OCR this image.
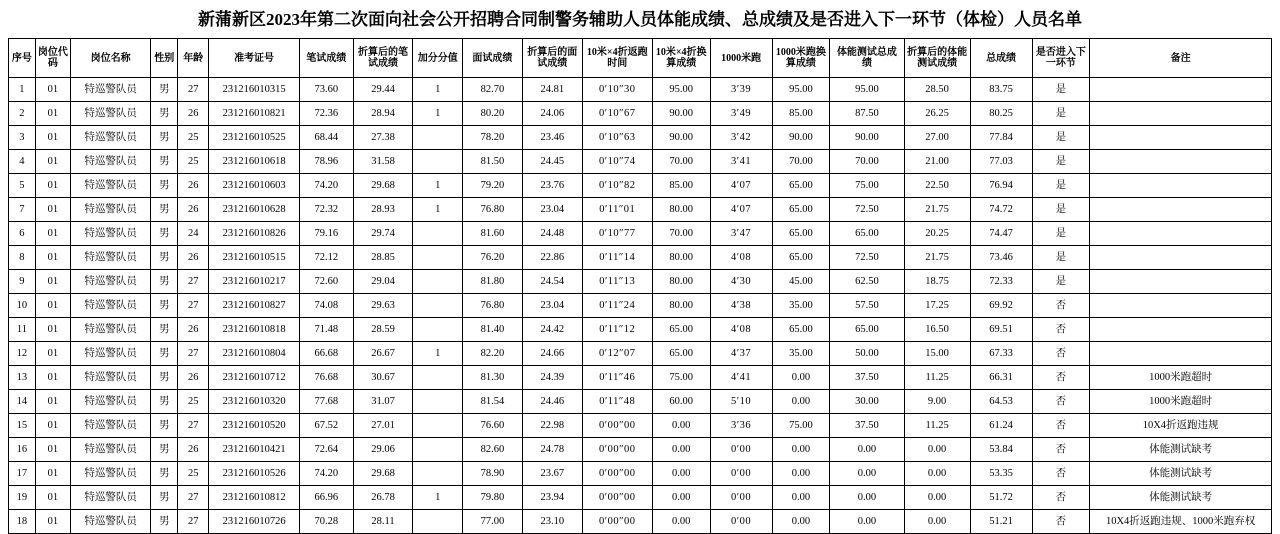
新蒲新区2023年第二次面向社会公开招聘合同制警务辅助人员体能成绩、总成绩及是否进入下一环节（体检）人员名单
序号	岗位代码	岗位名称	性别	年龄	准考证号	笔试成绩	折算后的笔试成绩	加分分值	面试成绩	折算后的面试成绩	10米×4折返跑时间	10米×4折换算成绩	1000米跑	1000米跑换算成绩	体能测试总成绩	折算后的体能测试成绩	总成绩	是否进入下一环节	备注
1	01	特巡警队员	男	27	231216010315	73.60	29.44	1	82.70	24.81	0′10″30	95.00	3′39	95.00	95.00	28.50	83.75	是	
2	01	特巡警队员	男	26	231216010821	72.36	28.94	1	80.20	24.06	0′10″67	90.00	3′49	85.00	87.50	26.25	80.25	是	
3	01	特巡警队员	男	25	231216010525	68.44	27.38		78.20	23.46	0′10″63	90.00	3′42	90.00	90.00	27.00	77.84	是	
4	01	特巡警队员	男	25	231216010618	78.96	31.58		81.50	24.45	0′10″74	70.00	3′41	70.00	70.00	21.00	77.03	是	
5	01	特巡警队员	男	26	231216010603	74.20	29.68	1	79.20	23.76	0′10″82	85.00	4′07	65.00	75.00	22.50	76.94	是	
7	01	特巡警队员	男	26	231216010628	72.32	28.93	1	76.80	23.04	0′11″01	80.00	4′07	65.00	72.50	21.75	74.72	是	
6	01	特巡警队员	男	24	231216010826	79.16	29.74		81.60	24.48	0′10″77	70.00	3′47	65.00	65.00	20.25	74.47	是	
8	01	特巡警队员	男	26	231216010515	72.12	28.85		76.20	22.86	0′11″14	80.00	4′08	65.00	72.50	21.75	73.46	是	
9	01	特巡警队员	男	27	231216010217	72.60	29.04		81.80	24.54	0′11″13	80.00	4′30	45.00	62.50	18.75	72.33	是	
10	01	特巡警队员	男	27	231216010827	74.08	29.63		76.80	23.04	0′11″24	80.00	4′38	35.00	57.50	17.25	69.92	否	
11	01	特巡警队员	男	26	231216010818	71.48	28.59		81.40	24.42	0′11″12	65.00	4′08	65.00	65.00	16.50	69.51	否	
12	01	特巡警队员	男	27	231216010804	66.68	26.67	1	82.20	24.66	0′12″07	65.00	4′37	35.00	50.00	15.00	67.33	否	
13	01	特巡警队员	男	26	231216010712	76.68	30.67		81.30	24.39	0′11″46	75.00	4′41	0.00	37.50	11.25	66.31	否	1000米跑超时
14	01	特巡警队员	男	25	231216010320	77.68	31.07		81.54	24.46	0′11″48	60.00	5′10	0.00	30.00	9.00	64.53	否	1000米跑超时
15	01	特巡警队员	男	27	231216010520	67.52	27.01		76.60	22.98	0′00″00	0.00	3′36	75.00	37.50	11.25	61.24	否	10X4折返跑违规
16	01	特巡警队员	男	26	231216010421	72.64	29.06		82.60	24.78	0′00″00	0.00	0′00	0.00	0.00	0.00	53.84	否	体能测试缺考
17	01	特巡警队员	男	25	231216010526	74.20	29.68		78.90	23.67	0′00″00	0.00	0′00	0.00	0.00	0.00	53.35	否	体能测试缺考
19	01	特巡警队员	男	27	231216010812	66.96	26.78	1	79.80	23.94	0′00″00	0.00	0′00	0.00	0.00	0.00	51.72	否	体能测试缺考
18	01	特巡警队员	男	27	231216010726	70.28	28.11		77.00	23.10	0′00″00	0.00	0′00	0.00	0.00	0.00	51.21	否	10X4折返跑违规、1000米跑弃权
